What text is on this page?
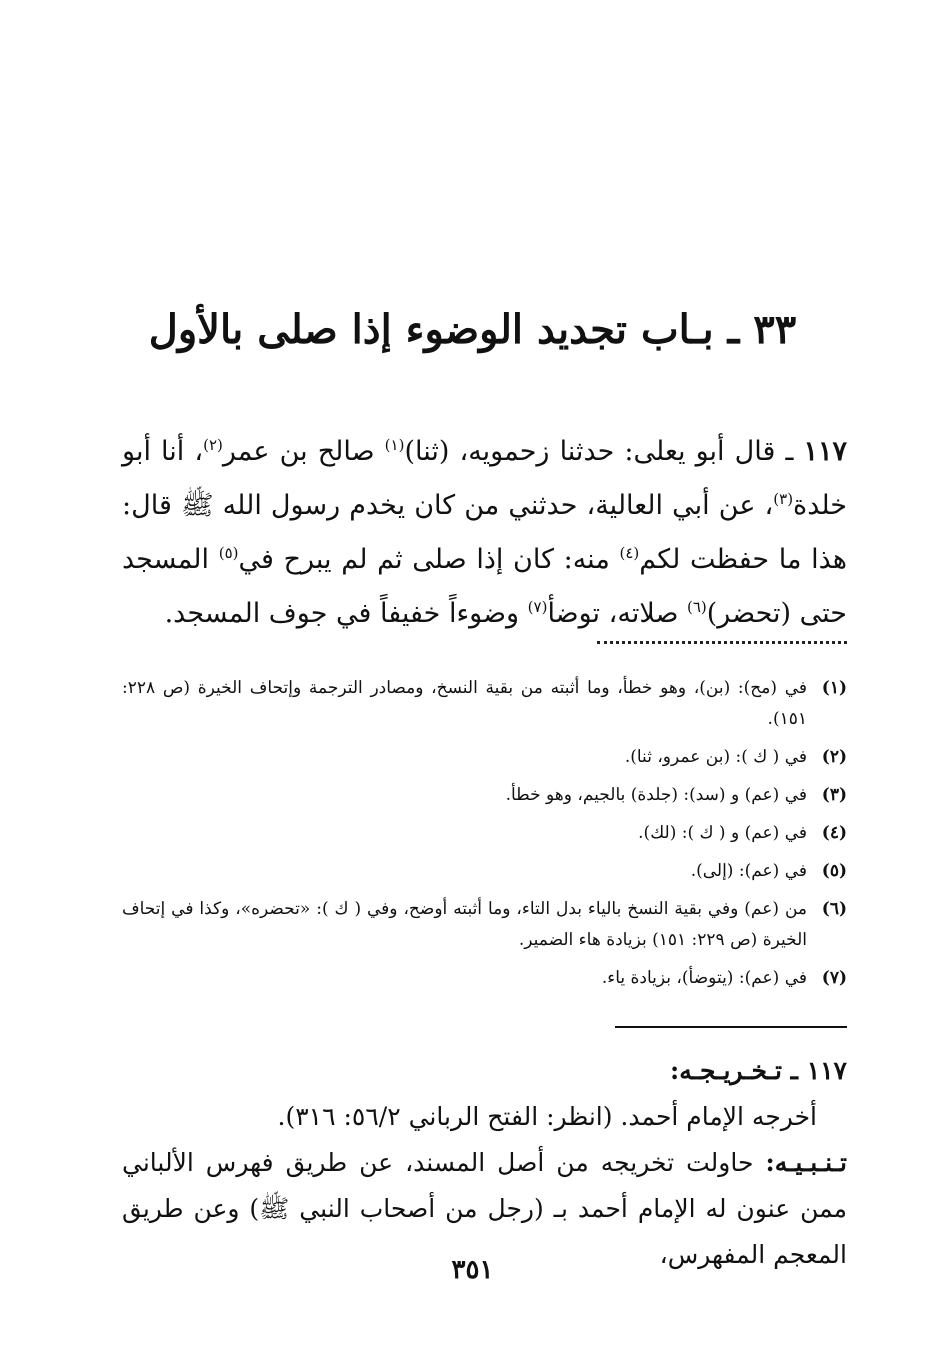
٣٣ ـ بـاب تجديد الوضوء إذا صلى بالأول

١١٧ ـ قال أبو يعلى: حدثنا زحمويه، (ثنا)$^{(١)}$ صالح بن عمر$^{(٢)}$، أنا أبو خلدة$^{(٣)}$، عن أبي العالية، حدثني من كان يخدم رسول الله ﷺ قال: هذا ما حفظت لكم$^{(٤)}$ منه: كان إذا صلى ثم لم يبرح في$^{(٥)}$ المسجد حتى (تحضر)$^{(٦)}$ صلاته، توضأ$^{(٧)}$ وضوءاً خفيفاً في جوف المسجد.

(١)
في (مح): (بن)، وهو خطأ، وما أثبته من بقية النسخ، ومصادر الترجمة وإتحاف الخيرة (ص ٢٢٨: ١٥١).
(٢)
في ( ك ): (بن عمرو، ثنا).
(٣)
في (عم) و (سد): (جلدة) بالجيم، وهو خطأ.
(٤)
في (عم) و ( ك ): (لك).
(٥)
في (عم): (إلى).
(٦)
من (عم) وفي بقية النسخ بالياء بدل التاء، وما أثبته أوضح، وفي ( ك ): «تحضره»، وكذا في إتحاف الخيرة (ص ٢٢٩: ١٥١) بزيادة هاء الضمير.
(٧)
في (عم): (يتوضأ)، بزيادة ياء.

١١٧ ـ تـخـريـجـه:

أخرجه الإمام أحمد. (انظر: الفتح الرباني ٥٦/٢: ٣١٦).

تـنـبـيـه: حاولت تخريجه من أصل المسند، عن طريق فهرس الألباني ممن عنون له الإمام أحمد بـ (رجل من أصحاب النبي ﷺ) وعن طريق المعجم المفهرس،

٣٥١
